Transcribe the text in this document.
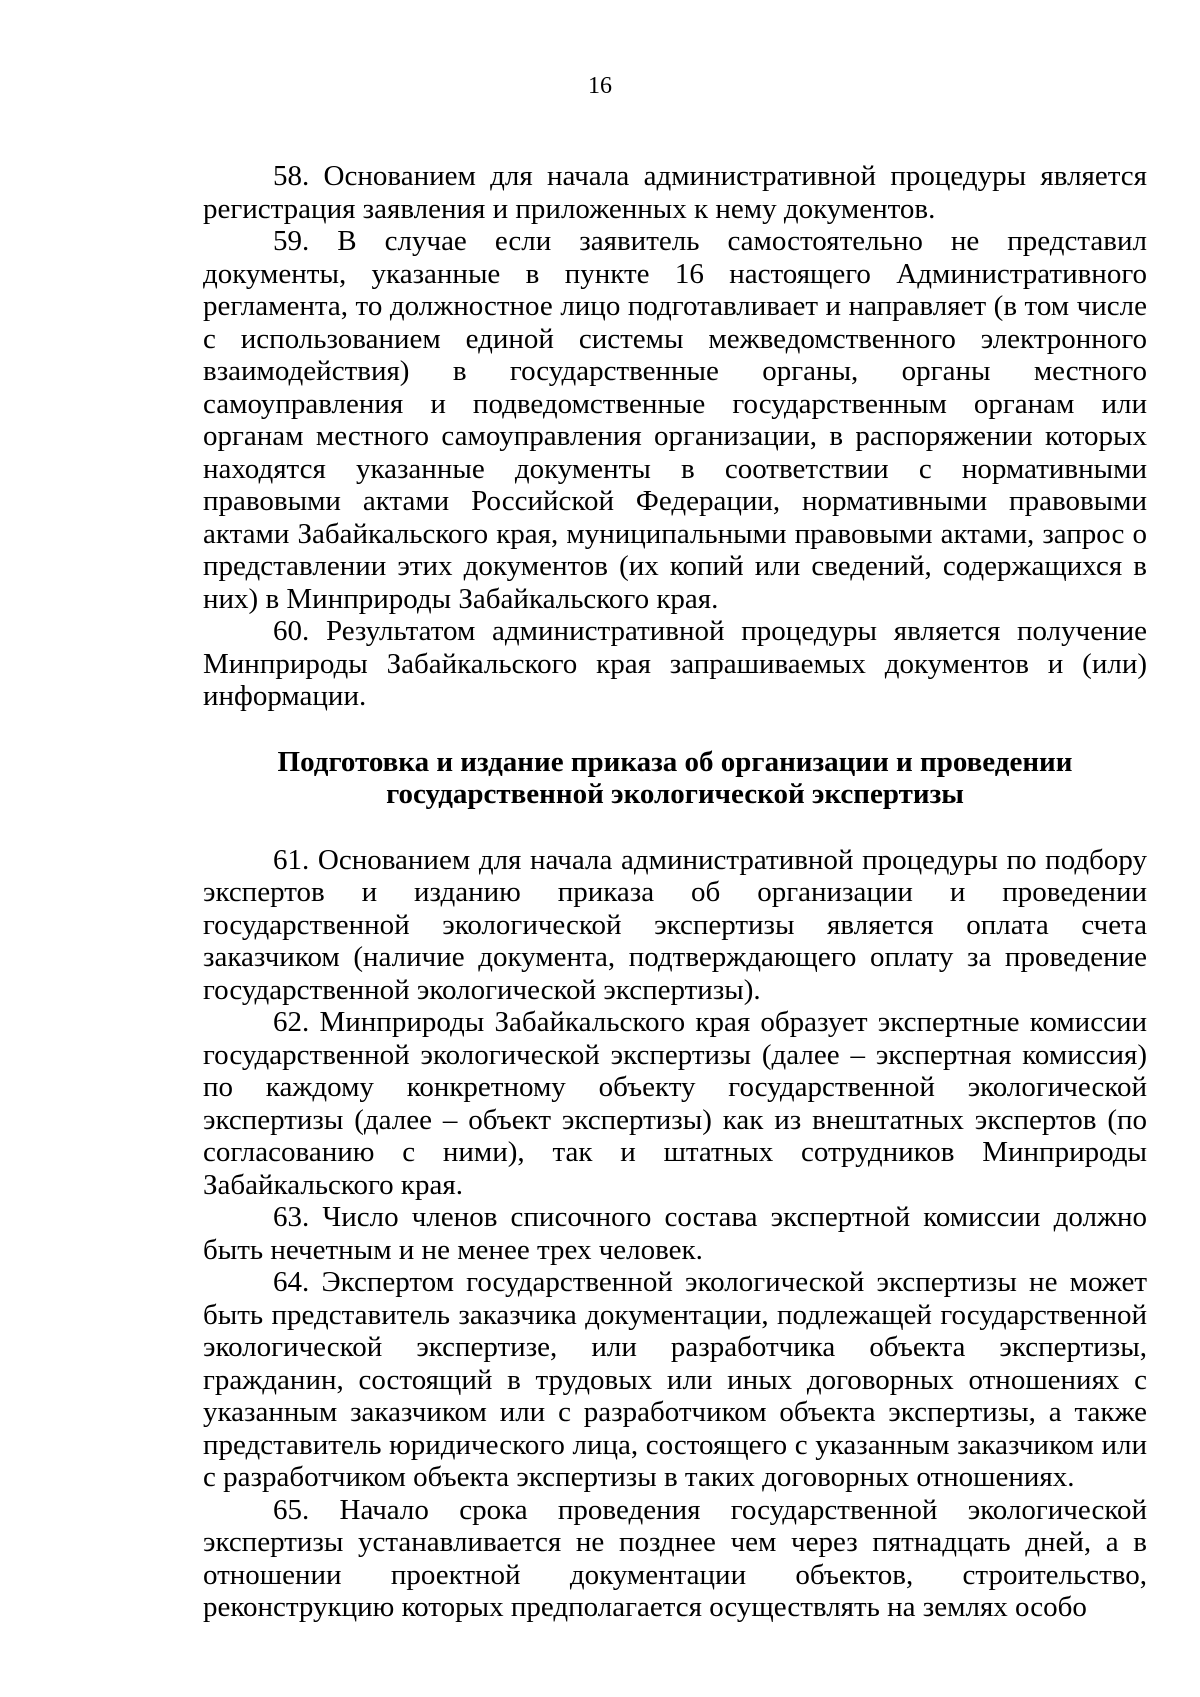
16

58. Основанием для начала административной процедуры является регистрация заявления и приложенных к нему документов.

59. В случае если заявитель самостоятельно не представил документы, указанные в пункте 16 настоящего Административного регламента, то должностное лицо подготавливает и направляет (в том числе с использованием единой системы межведомственного электронного взаимодействия) в государственные органы, органы местного самоуправления и подведомственные государственным органам или органам местного самоуправления организации, в распоряжении которых находятся указанные документы в соответствии с нормативными правовыми актами Российской Федерации, нормативными правовыми актами Забайкальского края, муниципальными правовыми актами, запрос о представлении этих документов (их копий или сведений, содержащихся в них) в Минприроды Забайкальского края.

60. Результатом административной процедуры является получение Минприроды Забайкальского края запрашиваемых документов и (или) информации.

Подготовка и издание приказа об организации и проведении
государственной экологической экспертизы

61. Основанием для начала административной процедуры по подбору экспертов и изданию приказа об организации и проведении государственной экологической экспертизы является оплата счета заказчиком (наличие документа, подтверждающего оплату за проведение государственной экологической экспертизы).

62. Минприроды Забайкальского края образует экспертные комиссии государственной экологической экспертизы (далее – экспертная комиссия) по каждому конкретному объекту государственной экологической экспертизы (далее – объект экспертизы) как из внештатных экспертов (по согласованию с ними), так и штатных сотрудников Минприроды Забайкальского края.

63. Число членов списочного состава экспертной комиссии должно быть нечетным и не менее трех человек.

64. Экспертом государственной экологической экспертизы не может быть представитель заказчика документации, подлежащей государственной экологической экспертизе, или разработчика объекта экспертизы, гражданин, состоящий в трудовых или иных договорных отношениях с указанным заказчиком или с разработчиком объекта экспертизы, а также представитель юридического лица, состоящего с указанным заказчиком или с разработчиком объекта экспертизы в таких договорных отношениях.

65. Начало срока проведения государственной экологической экспертизы устанавливается не позднее чем через пятнадцать дней, а в отношении проектной документации объектов, строительство, реконструкцию которых предполагается осуществлять на землях особо
